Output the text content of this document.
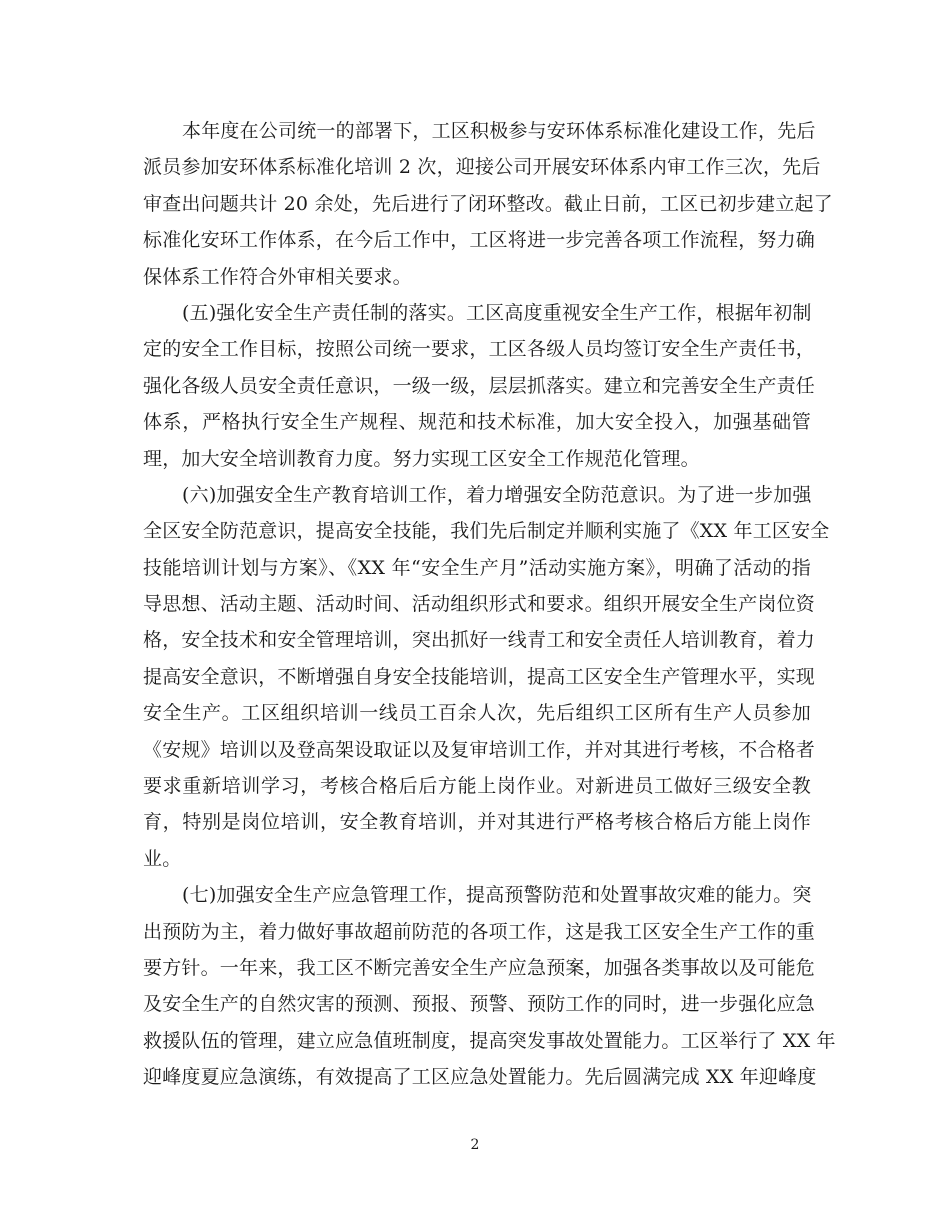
本年度在公司统一的部署下，工区积极参与安环体系标准化建设工作，先后
派员参加安环体系标准化培训 2 次，迎接公司开展安环体系内审工作三次，先后
审查出问题共计 20 余处，先后进行了闭环整改。截止日前，工区已初步建立起了
标准化安环工作体系，在今后工作中，工区将进一步完善各项工作流程，努力确
保体系工作符合外审相关要求。
(五)强化安全生产责任制的落实。工区高度重视安全生产工作，根据年初制
定的安全工作目标，按照公司统一要求，工区各级人员均签订安全生产责任书，
强化各级人员安全责任意识，一级一级，层层抓落实。建立和完善安全生产责任
体系，严格执行安全生产规程、规范和技术标准，加大安全投入，加强基础管
理，加大安全培训教育力度。努力实现工区安全工作规范化管理。
(六)加强安全生产教育培训工作，着力增强安全防范意识。为了进一步加强
全区安全防范意识，提高安全技能，我们先后制定并顺利实施了《XX 年工区安全
技能培训计划与方案》、《XX 年“安全生产月”活动实施方案》，明确了活动的指
导思想、活动主题、活动时间、活动组织形式和要求。组织开展安全生产岗位资
格，安全技术和安全管理培训，突出抓好一线青工和安全责任人培训教育，着力
提高安全意识，不断增强自身安全技能培训，提高工区安全生产管理水平，实现
安全生产。工区组织培训一线员工百余人次，先后组织工区所有生产人员参加
《安规》培训以及登高架设取证以及复审培训工作，并对其进行考核，不合格者
要求重新培训学习，考核合格后后方能上岗作业。对新进员工做好三级安全教
育，特别是岗位培训，安全教育培训，并对其进行严格考核合格后方能上岗作
业。
(七)加强安全生产应急管理工作，提高预警防范和处置事故灾难的能力。突
出预防为主，着力做好事故超前防范的各项工作，这是我工区安全生产工作的重
要方针。一年来，我工区不断完善安全生产应急预案，加强各类事故以及可能危
及安全生产的自然灾害的预测、预报、预警、预防工作的同时，进一步强化应急
救援队伍的管理，建立应急值班制度，提高突发事故处置能力。工区举行了 XX 年
迎峰度夏应急演练，有效提高了工区应急处置能力。先后圆满完成 XX 年迎峰度
2
